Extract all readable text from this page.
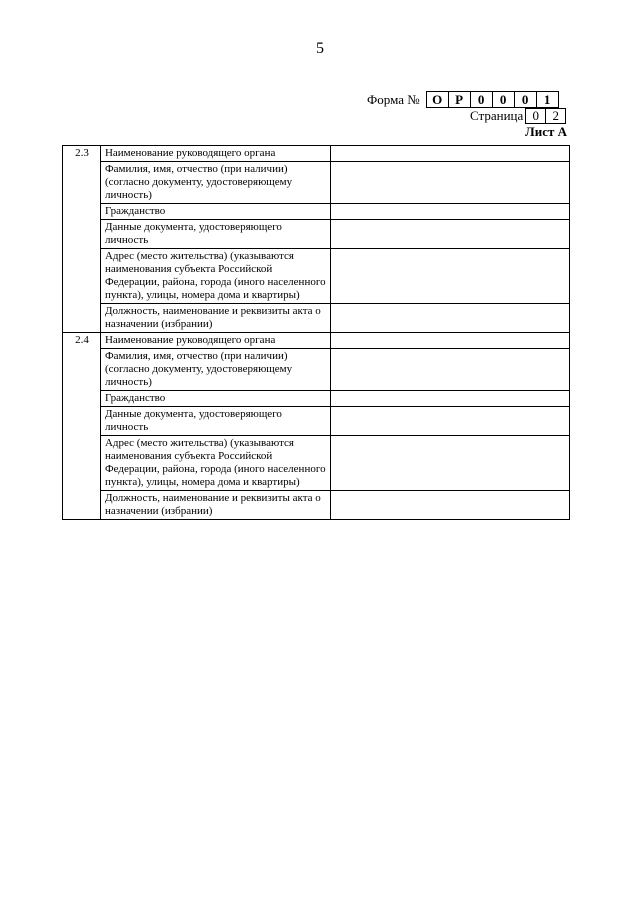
5
Форма № О Р	0	0	0	1
Страница 0	2
Лист А
2.3	Наименование руководящего органа	
	Фамилия, имя, отчество (при наличии) (согласно документу, удостоверяющему личность)	
	Гражданство	
	Данные документа, удостоверяющего личность	
	Адрес (место жительства) (указываются наименования субъекта Российской Федерации, района, города (иного населенного пункта), улицы, номера дома и квартиры)	
	Должность, наименование и реквизиты акта о назначении (избрании)	
2.4	Наименование руководящего органа	
	Фамилия, имя, отчество (при наличии) (согласно документу, удостоверяющему личность)	
	Гражданство	
	Данные документа, удостоверяющего личность	
	Адрес (место жительства) (указываются наименования субъекта Российской Федерации, района, города (иного населенного пункта), улицы, номера дома и квартиры)	
	Должность, наименование и реквизиты акта о назначении (избрании)	
